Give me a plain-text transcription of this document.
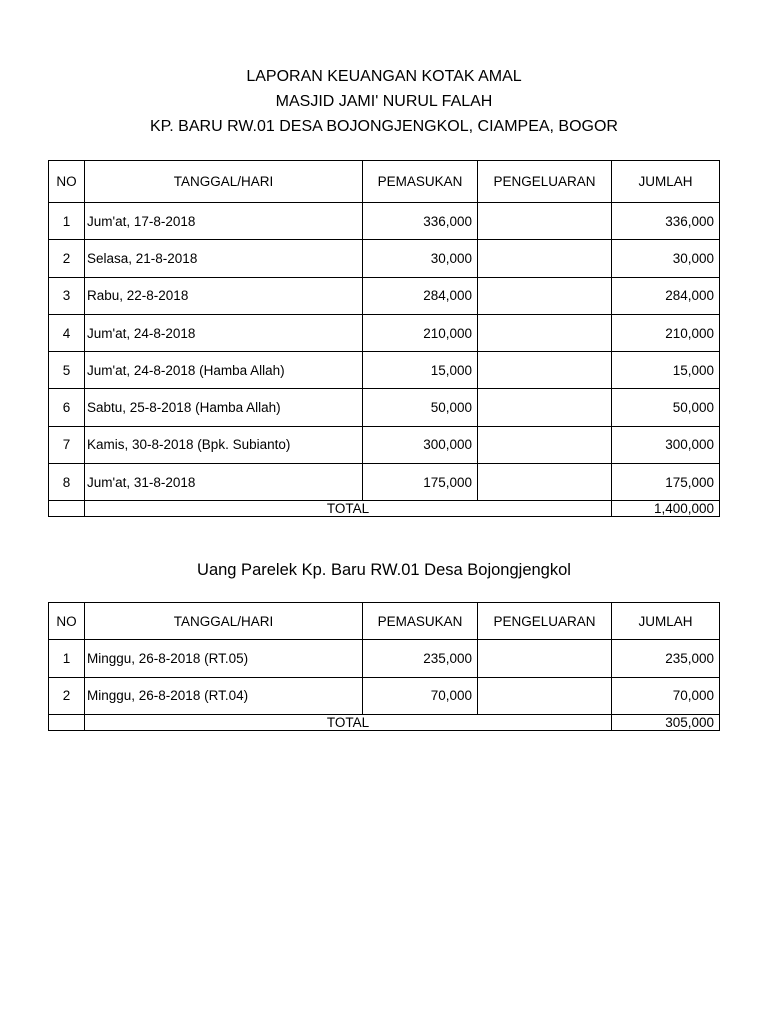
LAPORAN KEUANGAN KOTAK AMAL
MASJID JAMI' NURUL FALAH
KP. BARU RW.01 DESA BOJONGJENGKOL, CIAMPEA, BOGOR
NO	TANGGAL/HARI	PEMASUKAN	PENGELUARAN	JUMLAH
1	Jum'at, 17-8-2018	336,000		336,000
2	Selasa, 21-8-2018	30,000		30,000
3	Rabu, 22-8-2018	284,000		284,000
4	Jum'at, 24-8-2018	210,000		210,000
5	Jum'at, 24-8-2018 (Hamba Allah)	15,000		15,000
6	Sabtu, 25-8-2018 (Hamba Allah)	50,000		50,000
7	Kamis, 30-8-2018 (Bpk. Subianto)	300,000		300,000
8	Jum'at, 31-8-2018	175,000		175,000
	TOTAL			1,400,000
Uang Parelek Kp. Baru RW.01 Desa Bojongjengkol
NO	TANGGAL/HARI	PEMASUKAN	PENGELUARAN	JUMLAH
1	Minggu, 26-8-2018 (RT.05)	235,000		235,000
2	Minggu, 26-8-2018 (RT.04)	70,000		70,000
	TOTAL			305,000
